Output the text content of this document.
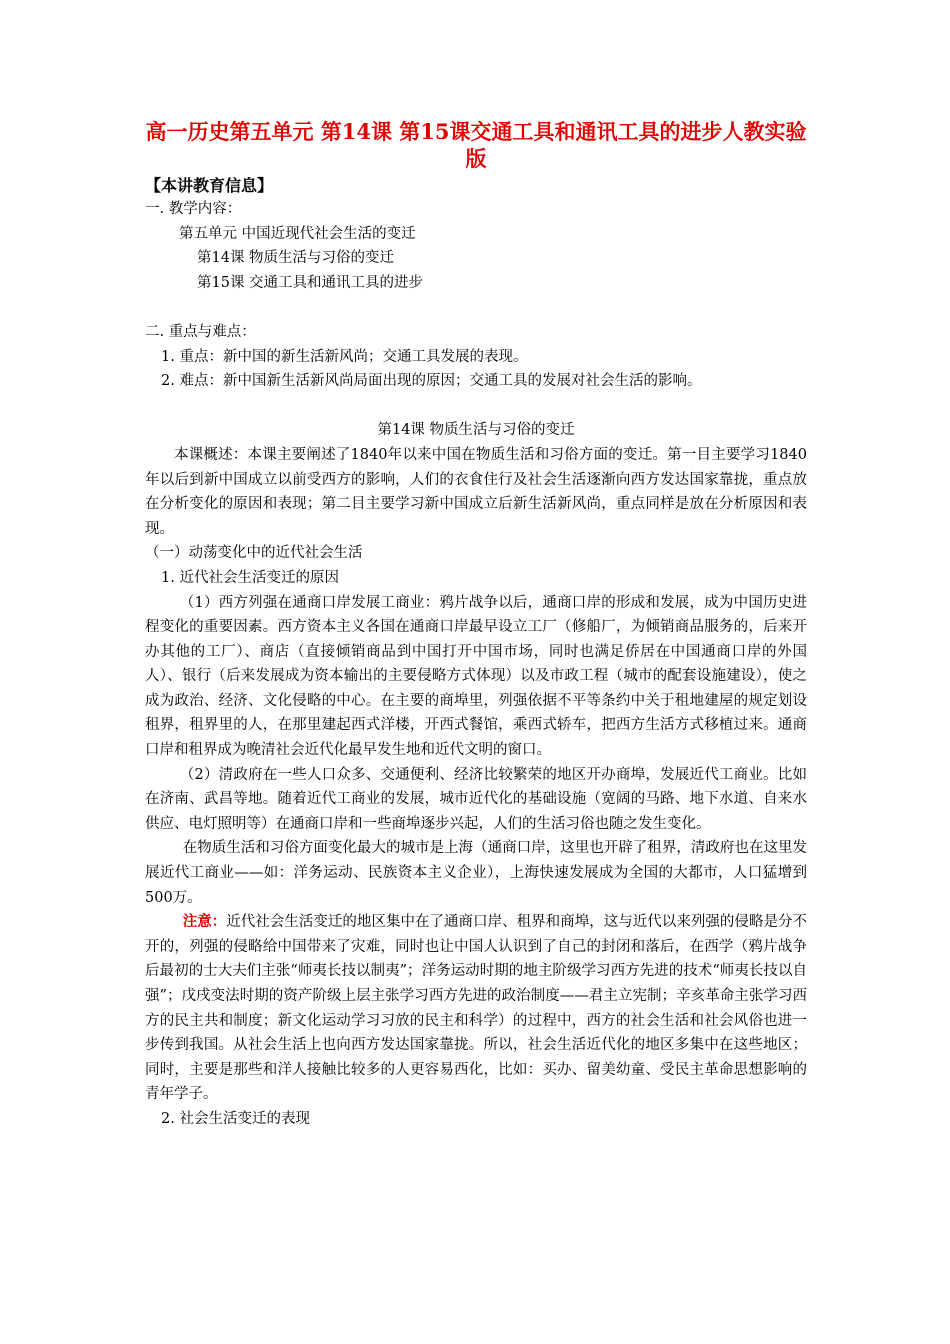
高一历史第五单元 第14课 第15课交通工具和通讯工具的进步人教实验版

【本讲教育信息】

一. 教学内容：

第五单元 中国近现代社会生活的变迁

第14课 物质生活与习俗的变迁

第15课 交通工具和通讯工具的进步

二. 重点与难点：

1. 重点：新中国的新生活新风尚；交通工具发展的表现。

2. 难点：新中国新生活新风尚局面出现的原因；交通工具的发展对社会生活的影响。

第14课 物质生活与习俗的变迁

本课概述：本课主要阐述了1840年以来中国在物质生活和习俗方面的变迁。第一目主要学习1840年以后到新中国成立以前受西方的影响，人们的衣食住行及社会生活逐渐向西方发达国家靠拢，重点放在分析变化的原因和表现；第二目主要学习新中国成立后新生活新风尚，重点同样是放在分析原因和表现。

（一）动荡变化中的近代社会生活

1. 近代社会生活变迁的原因

（1）西方列强在通商口岸发展工商业：鸦片战争以后，通商口岸的形成和发展，成为中国历史进程变化的重要因素。西方资本主义各国在通商口岸最早设立工厂（修船厂，为倾销商品服务的，后来开办其他的工厂）、商店（直接倾销商品到中国打开中国市场，同时也满足侨居在中国通商口岸的外国人）、银行（后来发展成为资本输出的主要侵略方式体现）以及市政工程（城市的配套设施建设），使之成为政治、经济、文化侵略的中心。在主要的商埠里，列强依据不平等条约中关于租地建屋的规定划设租界，租界里的人，在那里建起西式洋楼，开西式餐馆，乘西式轿车，把西方生活方式移植过来。通商口岸和租界成为晚清社会近代化最早发生地和近代文明的窗口。

（2）清政府在一些人口众多、交通便利、经济比较繁荣的地区开办商埠，发展近代工商业。比如在济南、武昌等地。随着近代工商业的发展，城市近代化的基础设施（宽阔的马路、地下水道、自来水供应、电灯照明等）在通商口岸和一些商埠逐步兴起，人们的生活习俗也随之发生变化。

在物质生活和习俗方面变化最大的城市是上海（通商口岸，这里也开辟了租界，清政府也在这里发展近代工商业——如：洋务运动、民族资本主义企业），上海快速发展成为全国的大都市，人口猛增到500万。

注意：近代社会生活变迁的地区集中在了通商口岸、租界和商埠，这与近代以来列强的侵略是分不开的，列强的侵略给中国带来了灾难，同时也让中国人认识到了自己的封闭和落后，在西学（鸦片战争后最初的士大夫们主张“师夷长技以制夷”；洋务运动时期的地主阶级学习西方先进的技术“师夷长技以自强”；戊戌变法时期的资产阶级上层主张学习西方先进的政治制度——君主立宪制；辛亥革命主张学习西方的民主共和制度；新文化运动学习习放的民主和科学）的过程中，西方的社会生活和社会风俗也进一步传到我国。从社会生活上也向西方发达国家靠拢。所以，社会生活近代化的地区多集中在这些地区；同时，主要是那些和洋人接触比较多的人更容易西化，比如：买办、留美幼童、受民主革命思想影响的青年学子。

2. 社会生活变迁的表现
